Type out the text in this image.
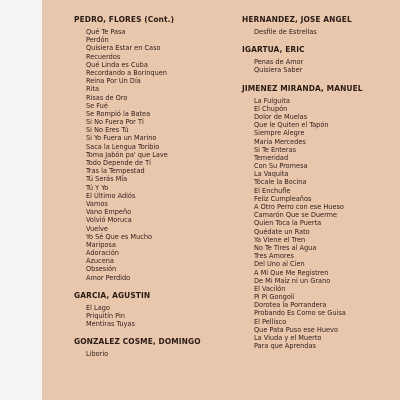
PEDRO, FLORES (Cont.)
Qué Te Pasa
Perdón
Quisiera Estar en Caso
Recuerdos
Qué Linda es Cuba
Recordando a Borinquen
Reina Por Un Día
Rita
Risas de Oro
Se Fué
Se Rompió la Batea
Si No Fuera Por Tí
Si No Eres Tú
Si Yo Fuera un Marino
Saca la Lengua Toribio
Toma Jabón pa' que Lave
Todo Depende de Tí
Tras la Tempestad
Tú Serás Mía
Tú Y Yo
El Último Adiós
Vamos
Vano Empeño
Volvió Moruca
Vuelve
Yo Sé Que es Mucho
Mariposa
Adoración
Azucena
Obsesión
Amor Perdido
GARCIA, AGUSTIN
El Lago
Priquitín Pin
Mentiras Tuyas
GONZALEZ COSME, DOMINGO
Liborio
HERNANDEZ, JOSE ANGEL
Desfile de Estrellas
IGARTUA, ERIC
Penas de Amor
Quisiera Saber
JIMENEZ MIRANDA, MANUEL
La Fulguita
El Chupón
Dolor de Muelas
Que le Quiten el Tapón
Siempre Alegre
María Mercedes
Si Te Enteras
Temeridad
Con Su Promesa
La Vaquita
Tócale la Bocina
El Enchufle
Feliz Cumpleaños
A Otro Perro con ese Hueso
Camarón Que se Duerme
Quien Toca la Puerta
Quédate un Rato
Ya Viene el Tren
No Te Tires al Agua
Tres Amores
Del Uno al Cien
A Mí Que Me Registren
De Mi Maíz ni un Grano
El Vacilón
Pi Pi Gongolí
Dorotea la Porrandera
Probando Es Como se Guisa
El Pellisco
Que Pata Puso ese Huevo
La Viuda y el Muerto
Para que Aprendas
